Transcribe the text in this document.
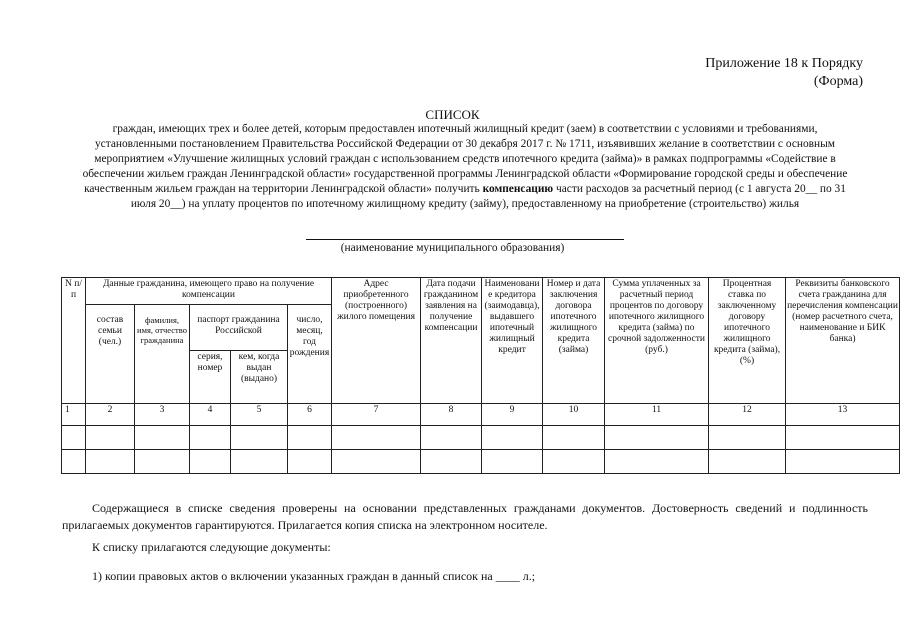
Приложение 18 к Порядку
(Форма)
СПИСОК
граждан, имеющих трех и более детей, которым предоставлен ипотечный жилищный кредит (заем) в соответствии с условиями и требованиями, установленными постановлением Правительства Российской Федерации от 30 декабря 2017 г. № 1711, изъявивших желание в соответствии с основным мероприятием «Улучшение жилищных условий граждан с использованием средств ипотечного кредита (займа)» в рамках подпрограммы «Содействие в обеспечении жильем граждан Ленинградской области» государственной программы Ленинградской области «Формирование городской среды и обеспечение качественным жильем граждан на территории Ленинградской области» получить компенсацию части расходов за расчетный период (с 1 августа 20__ по 31 июля 20__) на уплату процентов по ипотечному жилищному кредиту (займу), предоставленному на приобретение (строительство) жилья
(наименование муниципального образования)
N п/п	Данные гражданина, имеющего право на получение компенсации					Адрес приобретенного (построенного) жилого помещения	Дата подачи гражданином заявления на получение компенсации	Наименование кредитора (заимодавца), выдавшего ипотечный жилищный кредит	Номер и дата заключения договора ипотечного жилищного кредита (займа)	Сумма уплаченных за расчетный период процентов по договору ипотечного жилищного кредита (займа) по срочной задолженности (руб.)	Процентная ставка по заключенному договору ипотечного жилищного кредита (займа), (%)	Реквизиты банковского счета гражданина для перечисления компенсации (номер расчетного счета, наименование и БИК банка)
	состав семьи (чел.)	фамилия, имя, отчество гражданина	паспорт гражданина Российской		число, месяц, год рождения							
			серия, номер	кем, когда выдан (выдано)								
1	2	3	4	5	6	7	8	9	10	11	12	13

Содержащиеся в списке сведения проверены на основании представленных гражданами документов. Достоверность сведений и подлинность прилагаемых документов гарантируются. Прилагается копия списка на электронном носителе.
К списку прилагаются следующие документы:
1) копии правовых актов о включении указанных граждан в данный список на ____ л.;
